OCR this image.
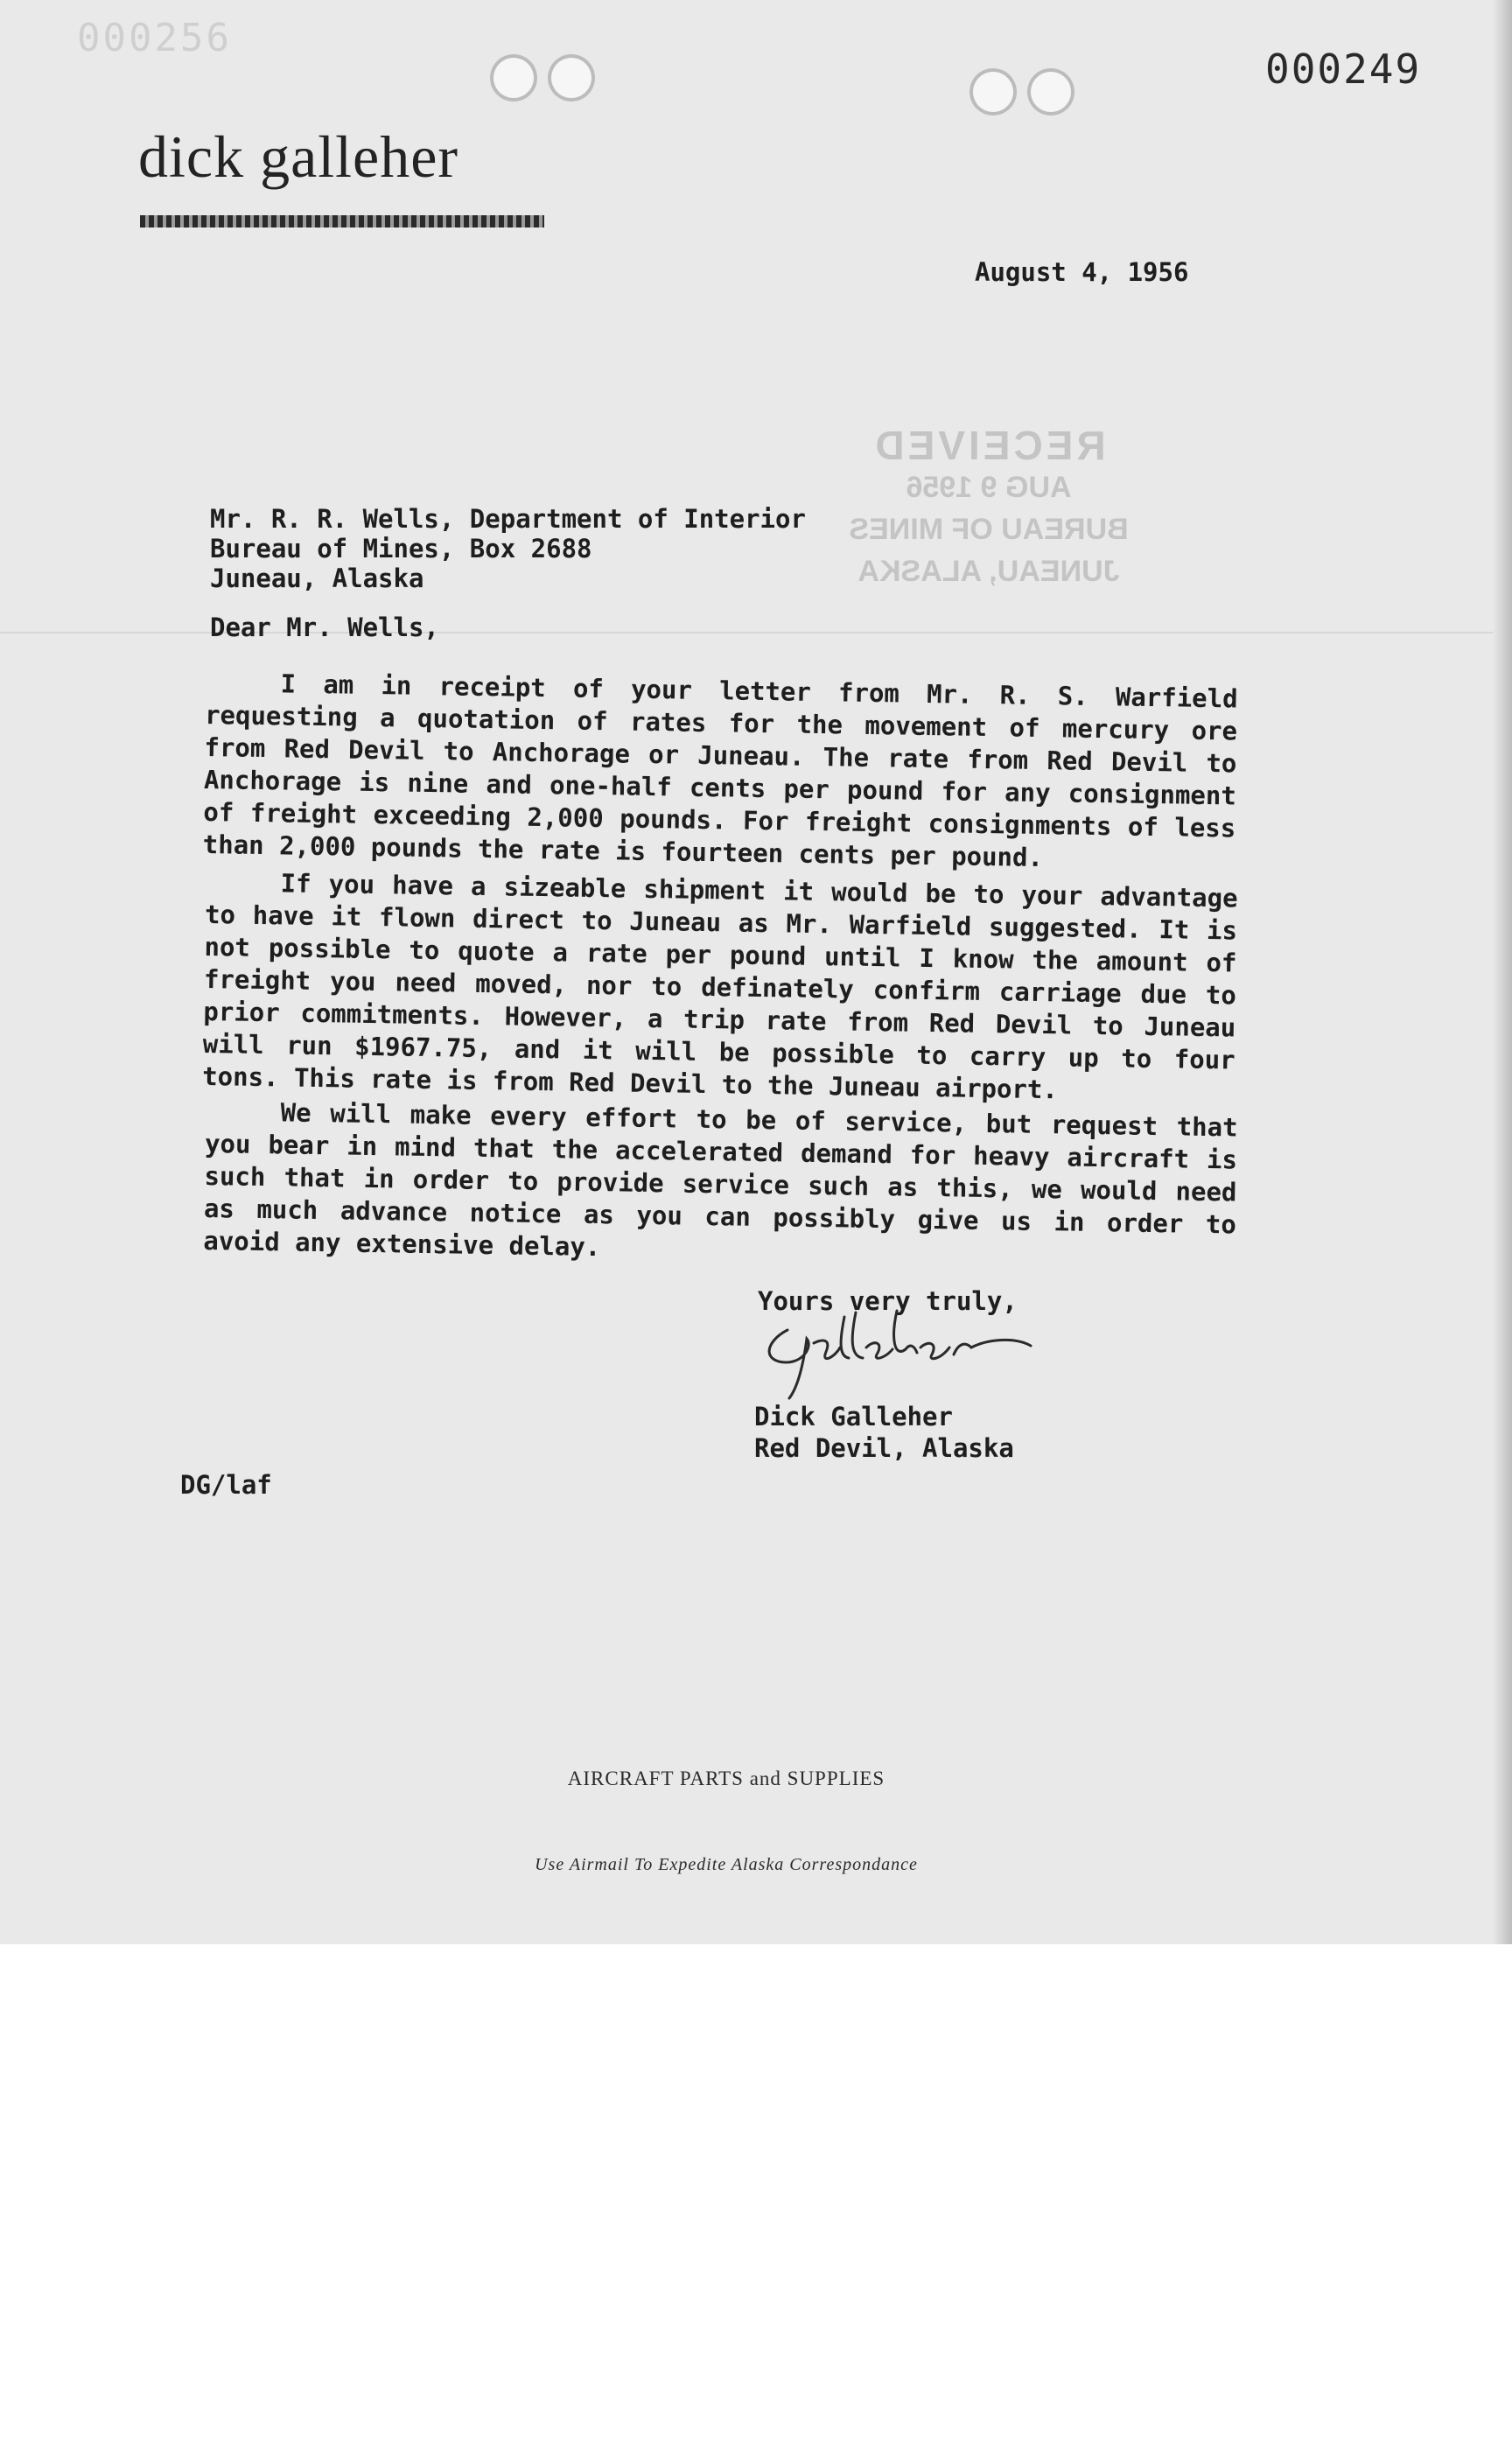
000256
000249
dick galleher
August 4, 1956
RECEIVED
AUG 9 1956
BUREAU OF MINES
JUNEAU, ALASKA
Mr. R. R. Wells, Department of Interior
Bureau of Mines, Box 2688
Juneau, Alaska
Dear Mr. Wells,
I am in receipt of your letter from Mr. R. S. Warfield requesting a quotation of rates for the movement of mercury ore from Red Devil to Anchorage or Juneau. The rate from Red Devil to Anchorage is nine and one-half cents per pound for any consignment of freight exceeding 2,000 pounds. For freight consignments of less than 2,000 pounds the rate is fourteen cents per pound.
If you have a sizeable shipment it would be to your advantage to have it flown direct to Juneau as Mr. Warfield suggested. It is not possible to quote a rate per pound until I know the amount of freight you need moved, nor to definately confirm carriage due to prior commitments. However, a trip rate from Red Devil to Juneau will run $1967.75, and it will be possible to carry up to four tons. This rate is from Red Devil to the Juneau airport.
We will make every effort to be of service, but request that you bear in mind that the accelerated demand for heavy aircraft is such that in order to provide service such as this, we would need as much advance notice as you can possibly give us in order to avoid any extensive delay.
Yours very truly,
Dick Galleher
Red Devil, Alaska
DG/laf
AIRCRAFT PARTS and SUPPLIES
Use Airmail To Expedite Alaska Correspondance
